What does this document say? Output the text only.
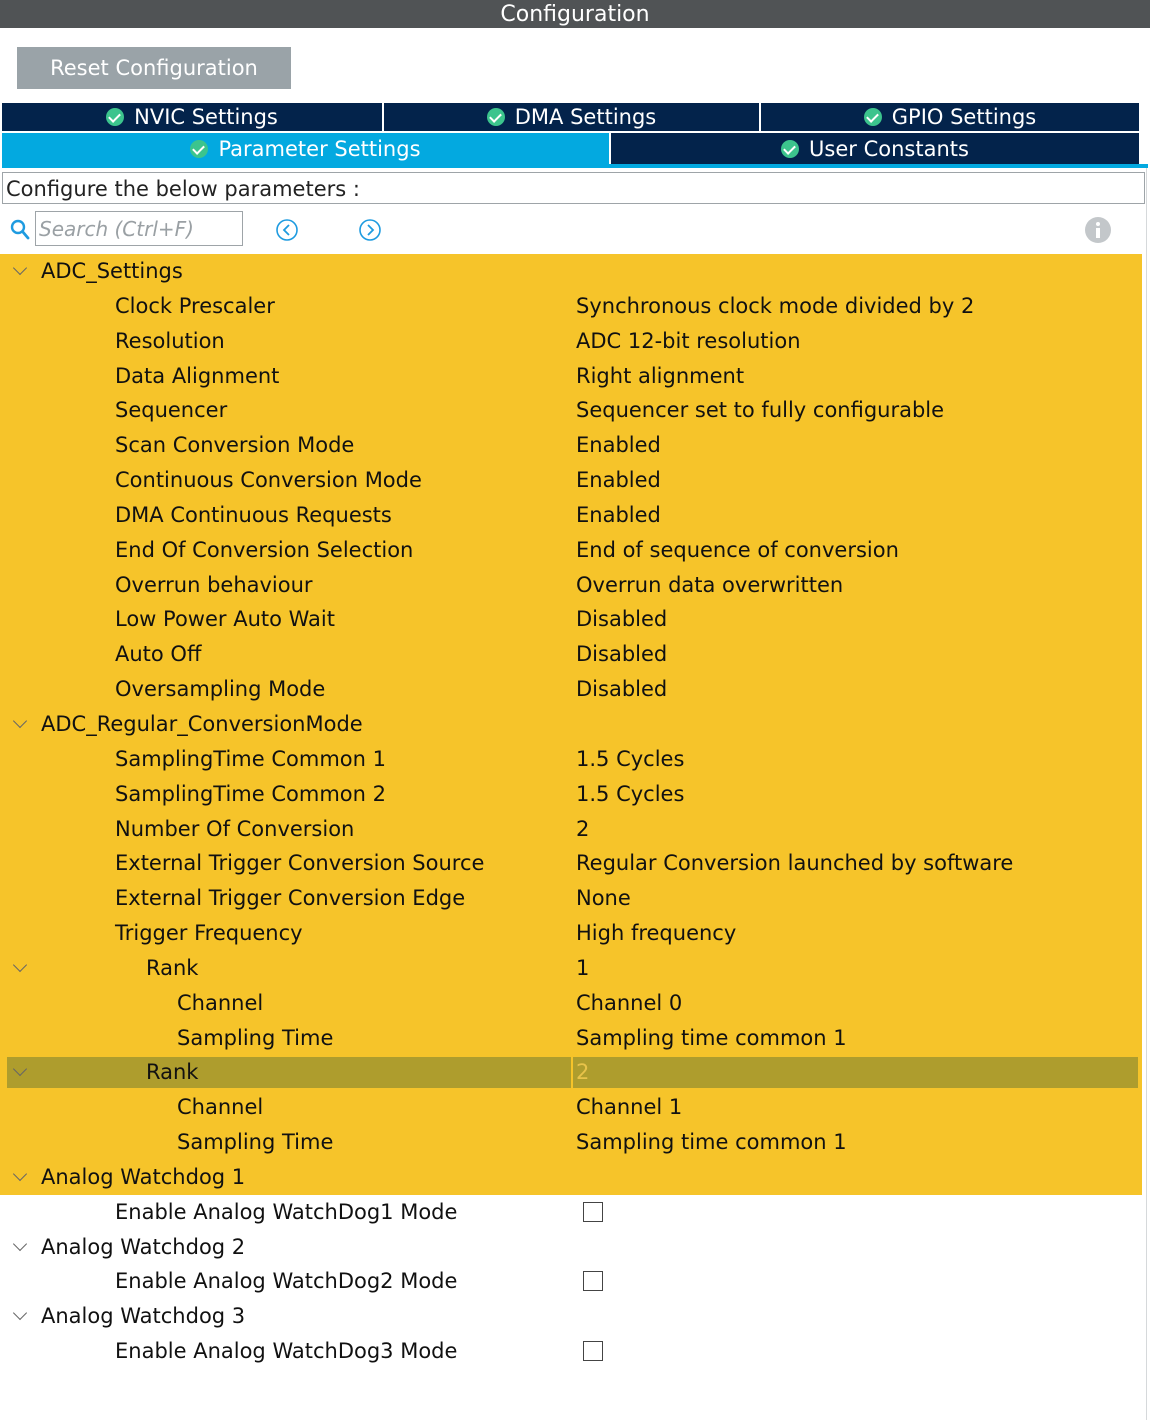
Configuration
Reset Configuration
NVIC Settings	DMA Settings	GPIO Settings
Parameter Settings	User Constants
Configure the below parameters :
Search (Ctrl+F)
ADC_Settings
Clock Prescaler	Synchronous clock mode divided by 2
Resolution	ADC 12-bit resolution
Data Alignment	Right alignment
Sequencer	Sequencer set to fully configurable
Scan Conversion Mode	Enabled
Continuous Conversion Mode	Enabled
DMA Continuous Requests	Enabled
End Of Conversion Selection	End of sequence of conversion
Overrun behaviour	Overrun data overwritten
Low Power Auto Wait	Disabled
Auto Off	Disabled
Oversampling Mode	Disabled
ADC_Regular_ConversionMode
SamplingTime Common 1	1.5 Cycles
SamplingTime Common 2	1.5 Cycles
Number Of Conversion	2
External Trigger Conversion Source	Regular Conversion launched by software
External Trigger Conversion Edge	None
Trigger Frequency	High frequency
Rank	1
Channel	Channel 0
Sampling Time	Sampling time common 1
Rank	2
Channel	Channel 1
Sampling Time	Sampling time common 1
Analog Watchdog 1
Enable Analog WatchDog1 Mode
Analog Watchdog 2
Enable Analog WatchDog2 Mode
Analog Watchdog 3
Enable Analog WatchDog3 Mode
